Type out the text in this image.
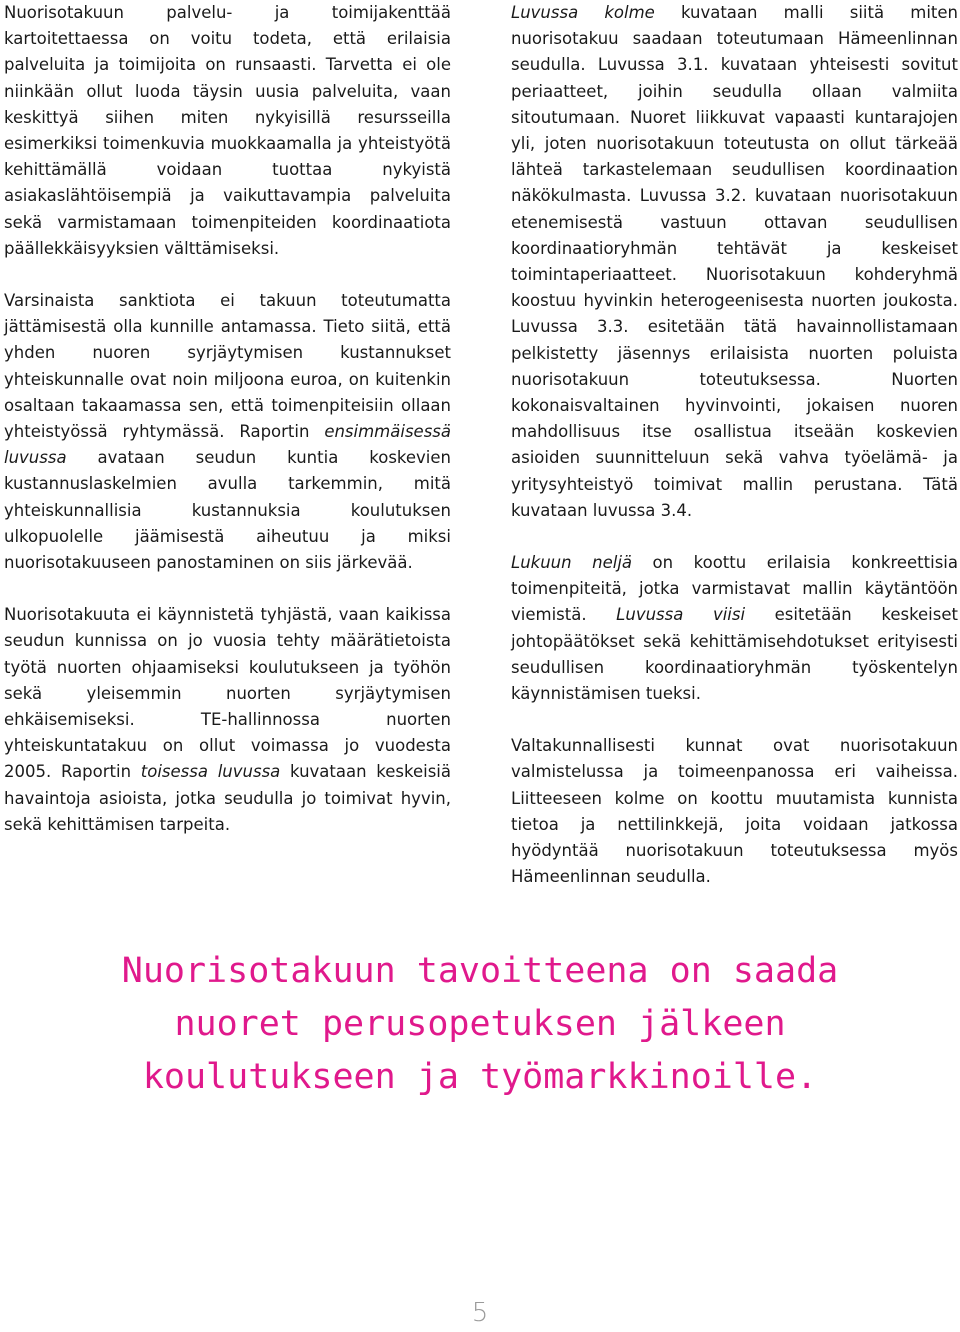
Nuorisotakuun palvelu- ja toimijakenttää kartoitettaessa on voitu todeta, että erilaisia palveluita ja toimijoita on runsaasti. Tarvetta ei ole niinkään ollut luoda täysin uusia palveluita, vaan keskittyä siihen miten nykyisillä resursseilla esimerkiksi toimenkuvia muokkaamalla ja yhteistyötä kehittämällä voidaan tuottaa nykyistä asiakaslähtöisempiä ja vaikuttavampia palveluita sekä varmistamaan toimenpiteiden koordinaatiota päällekkäisyyksien välttämiseksi.

Varsinaista sanktiota ei takuun toteutumatta jättämisestä olla kunnille antamassa. Tieto siitä, että yhden nuoren syrjäytymisen kustannukset yhteiskunnalle ovat noin miljoona euroa, on kuitenkin osaltaan takaamassa sen, että toimenpiteisiin ollaan yhteistyössä ryhtymässä. Raportin ensimmäisessä luvussa avataan seudun kuntia koskevien kustannuslaskelmien avulla tarkemmin, mitä yhteiskunnallisia kustannuksia koulutuksen ulkopuolelle jäämisestä aiheutuu ja miksi nuorisotakuuseen panostaminen on siis järkevää.

Nuorisotakuuta ei käynnistetä tyhjästä, vaan kaikissa seudun kunnissa on jo vuosia tehty määrätietoista työtä nuorten ohjaamiseksi koulutukseen ja työhön sekä yleisemmin nuorten syrjäytymisen ehkäisemiseksi. TE-hallinnossa nuorten yhteiskuntatakuu on ollut voimassa jo vuodesta 2005. Raportin toisessa luvussa kuvataan keskeisiä havaintoja asioista, jotka seudulla jo toimivat hyvin, sekä kehittämisen tarpeita.

Luvussa kolme kuvataan malli siitä miten nuorisotakuu saadaan toteutumaan Hämeenlinnan seudulla. Luvussa 3.1. kuvataan yhteisesti sovitut periaatteet, joihin seudulla ollaan valmiita sitoutumaan. Nuoret liikkuvat vapaasti kuntarajojen yli, joten nuorisotakuun toteutusta on ollut tärkeää lähteä tarkastelemaan seudullisen koordinaation näkökulmasta. Luvussa 3.2. kuvataan nuorisotakuun etenemisestä vastuun ottavan seudullisen koordinaatioryhmän tehtävät ja keskeiset toimintaperiaatteet. Nuorisotakuun kohderyhmä koostuu hyvinkin heterogeenisesta nuorten joukosta. Luvussa 3.3. esitetään tätä havainnollistamaan pelkistetty jäsennys erilaisista nuorten poluista nuorisotakuun toteutuksessa. Nuorten kokonaisvaltainen hyvinvointi, jokaisen nuoren mahdollisuus itse osallistua itseään koskevien asioiden suunnitteluun sekä vahva työelämä- ja yritysyhteistyö toimivat mallin perustana. Tätä kuvataan luvussa 3.4.

Lukuun neljä on koottu erilaisia konkreettisia toimenpiteitä, jotka varmistavat mallin käytäntöön viemistä. Luvussa viisi esitetään keskeiset johtopäätökset sekä kehittämisehdotukset erityisesti seudullisen koordinaatioryhmän työskentelyn käynnistämisen tueksi.

Valtakunnallisesti kunnat ovat nuorisotakuun valmistelussa ja toimeenpanossa eri vaiheissa. Liitteeseen kolme on koottu muutamista kunnista tietoa ja nettilinkkejä, joita voidaan jatkossa hyödyntää nuorisotakuun toteutuksessa myös Hämeenlinnan seudulla.

Nuorisotakuun tavoitteena on saada
nuoret perusopetuksen jälkeen
koulutukseen ja työmarkkinoille.
5
